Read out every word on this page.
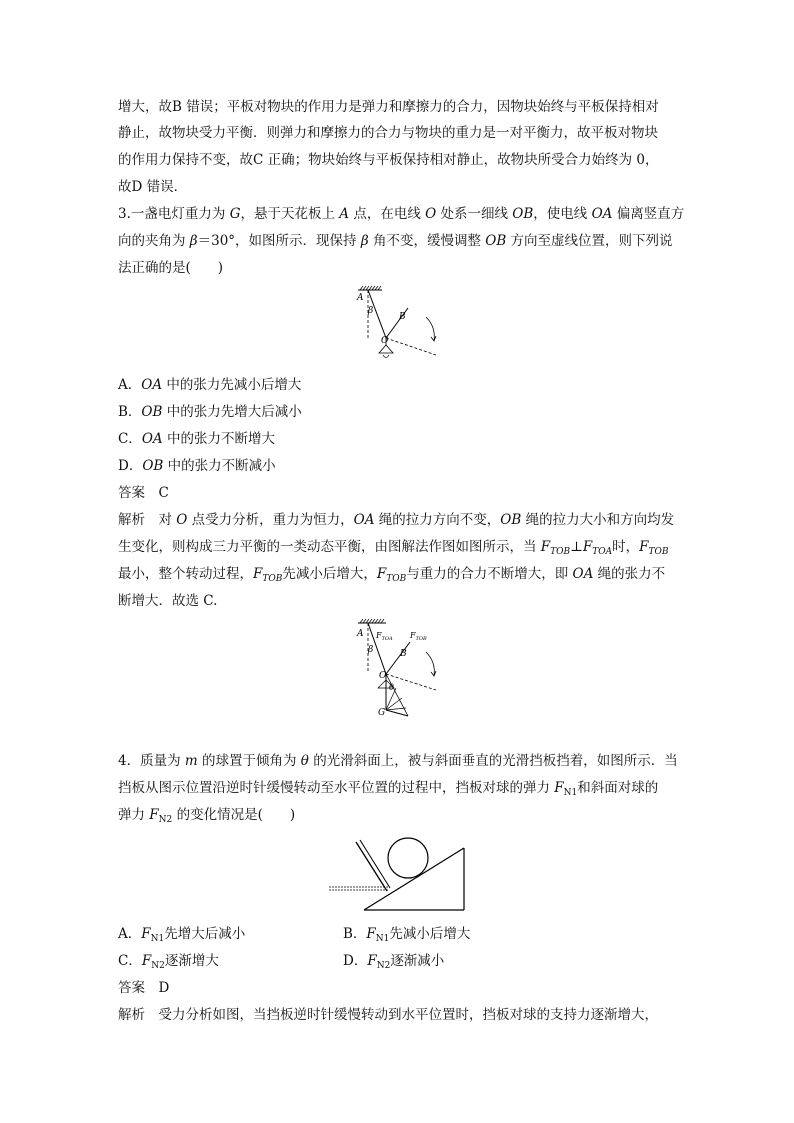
增大，故B 错误；平板对物块的作用力是弹力和摩擦力的合力，因物块始终与平板保持相对
静止，故物块受力平衡．则弹力和摩擦力的合力与物块的重力是一对平衡力，故平板对物块
的作用力保持不变，故C 正确；物块始终与平板保持相对静止，故物块所受合力始终为 0，
故D 错误．
3.一盏电灯重力为 G，悬于天花板上 A 点，在电线 O 处系一细线 OB，使电线 OA 偏离竖直方
向的夹角为 β＝30°，如图所示．现保持 β 角不变，缓慢调整 OB 方向至虚线位置，则下列说
法正确的是(　　)
A
β
B
O
A．OA 中的张力先减小后增大
B．OB 中的张力先增大后减小
C．OA 中的张力不断增大
D．OB 中的张力不断减小
答案　 C
解析　 对 O 点受力分析，重力为恒力，OA 绳的拉力方向不变，OB 绳的拉力大小和方向均发
生变化，则构成三力平衡的一类动态平衡，由图解法作图如图所示，当 $F_{TOB}\perp F_{TOA}$时，$F_{TOB}$
最小，整个转动过程，$F_{TOB}$先减小后增大，$F_{TOB}$与重力的合力不断增大，即 OA 绳的张力不
断增大．故选 C.
A $F_{TOA}$ $F_{TOB}$
β	B
O
θ
G
4．质量为 m 的球置于倾角为 θ 的光滑斜面上，被与斜面垂直的光滑挡板挡着，如图所示．当
挡板从图示位置沿逆时针缓慢转动至水平位置的过程中，挡板对球的弹力 $F_{N1}$和斜面对球的
弹力 $F_{N2}$ 的变化情况是(　　)
A．$F_{N1}$先增大后减小	B．$F_{N1}$先减小后增大
C．$F_{N2}$逐渐增大	D．$F_{N2}$逐渐减小
答案　 D
解析　 受力分析如图，当挡板逆时针缓慢转动到水平位置时，挡板对球的支持力逐渐增大，
